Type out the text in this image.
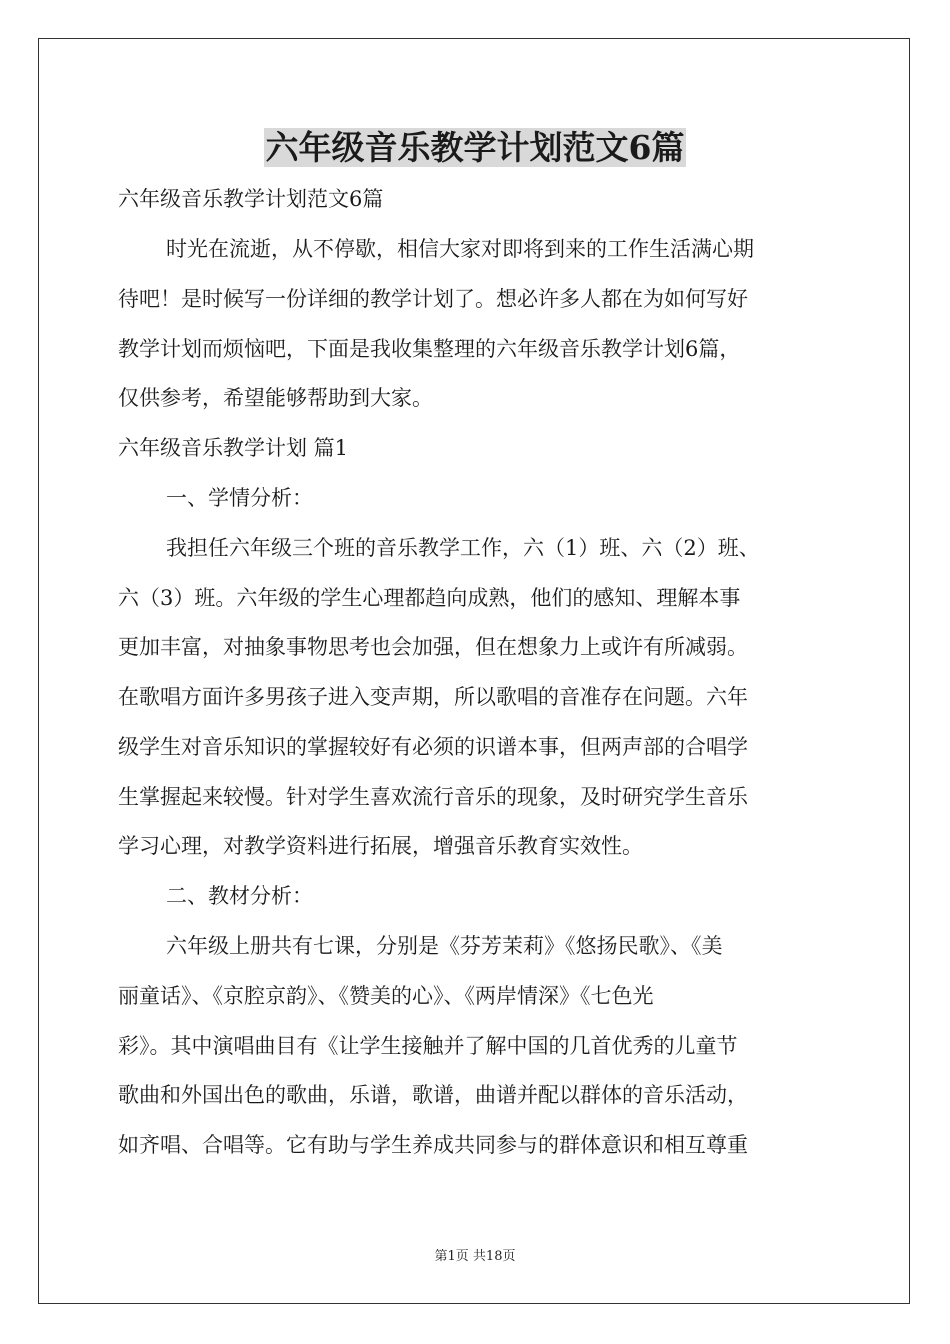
六年级音乐教学计划范文6篇
六年级音乐教学计划范文6篇
时光在流逝，从不停歇，相信大家对即将到来的工作生活满心期
待吧！是时候写一份详细的教学计划了。想必许多人都在为如何写好
教学计划而烦恼吧，下面是我收集整理的六年级音乐教学计划6篇，
仅供参考，希望能够帮助到大家。
六年级音乐教学计划 篇1
一、学情分析：
我担任六年级三个班的音乐教学工作，六（1）班、六（2）班、
六（3）班。六年级的学生心理都趋向成熟，他们的感知、理解本事
更加丰富，对抽象事物思考也会加强，但在想象力上或许有所减弱。
在歌唱方面许多男孩子进入变声期，所以歌唱的音准存在问题。六年
级学生对音乐知识的掌握较好有必须的识谱本事，但两声部的合唱学
生掌握起来较慢。针对学生喜欢流行音乐的现象，及时研究学生音乐
学习心理，对教学资料进行拓展，增强音乐教育实效性。
二、教材分析：
六年级上册共有七课，分别是《芬芳茉莉》《悠扬民歌》、《美
丽童话》、《京腔京韵》、《赞美的心》、《两岸情深》《七色光
彩》。其中演唱曲目有《让学生接触并了解中国的几首优秀的儿童节
歌曲和外国出色的歌曲，乐谱，歌谱，曲谱并配以群体的音乐活动，
如齐唱、合唱等。它有助与学生养成共同参与的群体意识和相互尊重
第1页 共18页
